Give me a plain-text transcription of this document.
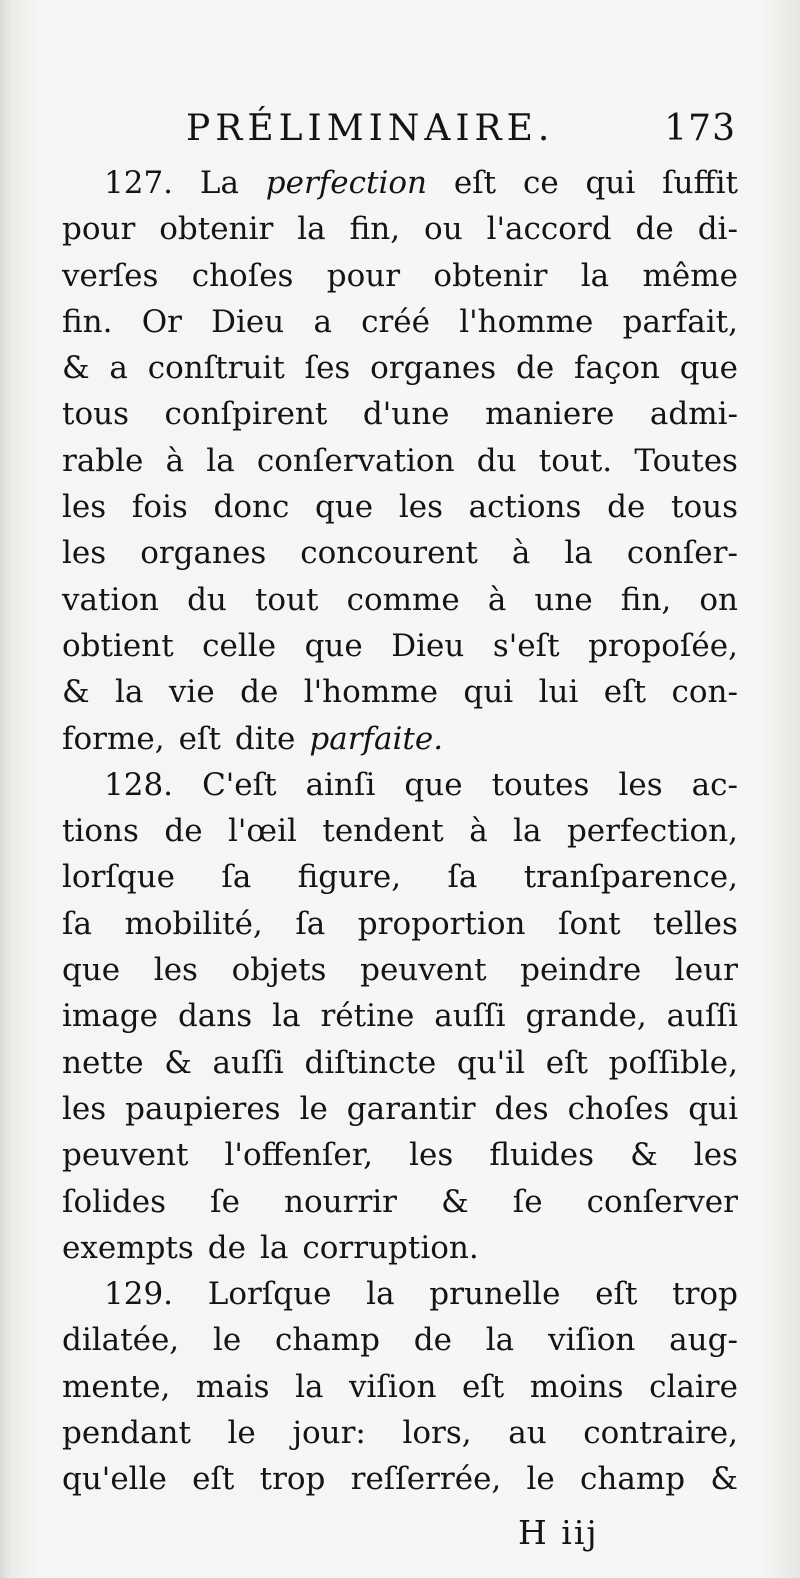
PRÉLIMINAIRE.	173
127. La perfection eſt ce qui ſuffit
pour obtenir la fin, ou l'accord de di-
verſes choſes pour obtenir la même
fin. Or Dieu a créé l'homme parfait,
& a conſtruit ſes organes de façon que
tous conſpirent d'une maniere admi-
rable à la conſervation du tout. Toutes
les fois donc que les actions de tous
les organes concourent à la conſer-
vation du tout comme à une fin, on
obtient celle que Dieu s'eſt propoſée,
& la vie de l'homme qui lui eſt con-
forme, eſt dite parfaite.
128. C'eſt ainſi que toutes les ac-
tions de l'œil tendent à la perfection,
lorſque ſa figure, ſa tranſparence,
ſa mobilité, ſa proportion ſont telles
que les objets peuvent peindre leur
image dans la rétine auſſi grande, auſſi
nette & auſſi diſtincte qu'il eſt poſſible,
les paupieres le garantir des choſes qui
peuvent l'offenſer, les fluides & les
ſolides ſe nourrir & ſe conſerver
exempts de la corruption.
129. Lorſque la prunelle eſt trop
dilatée, le champ de la viſion aug-
mente, mais la viſion eſt moins claire
pendant le jour: lors, au contraire,
qu'elle eſt trop reſſerrée, le champ &
H iij
